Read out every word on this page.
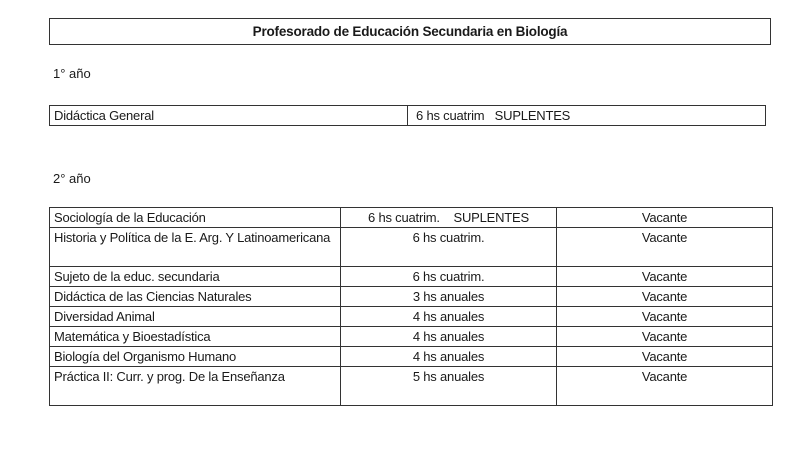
Profesorado de Educación Secundaria en Biología
1° año
Didáctica General	6 hs cuatrim SUPLENTES
2° año
Sociología de la Educación	6 hs cuatrim. SUPLENTES	Vacante
Historia y Política de la E. Arg. Y Latinoamericana	6 hs cuatrim.	Vacante
Sujeto de la educ. secundaria	6 hs cuatrim.	Vacante
Didáctica de las Ciencias Naturales	3 hs anuales	Vacante
Diversidad Animal	4 hs anuales	Vacante
Matemática y Bioestadística	4 hs anuales	Vacante
Biología del Organismo Humano	4 hs anuales	Vacante
Práctica II: Curr. y prog. De la Enseñanza	5 hs anuales	Vacante
